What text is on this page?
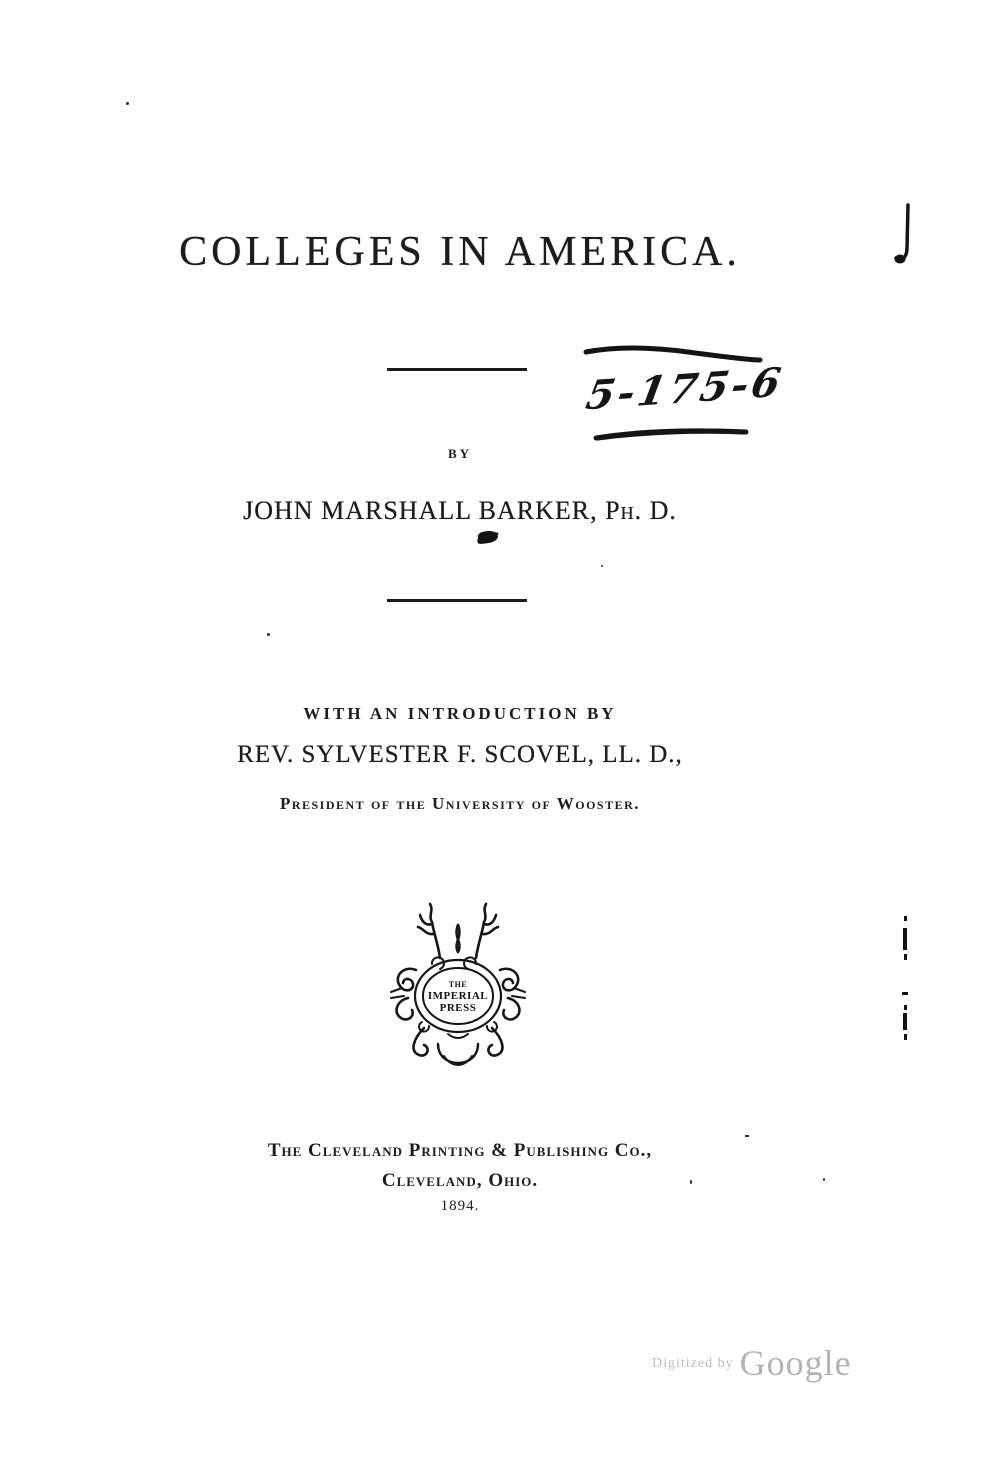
COLLEGES IN AMERICA.
5-175-6
BY
JOHN MARSHALL BARKER, Ph. D.
WITH AN INTRODUCTION BY
REV. SYLVESTER F. SCOVEL, LL. D.,
President of the University of Wooster.
THE
IMPERIAL
PRESS
The Cleveland Printing & Publishing Co.,
Cleveland, Ohio.
1894.
Digitized by Google
